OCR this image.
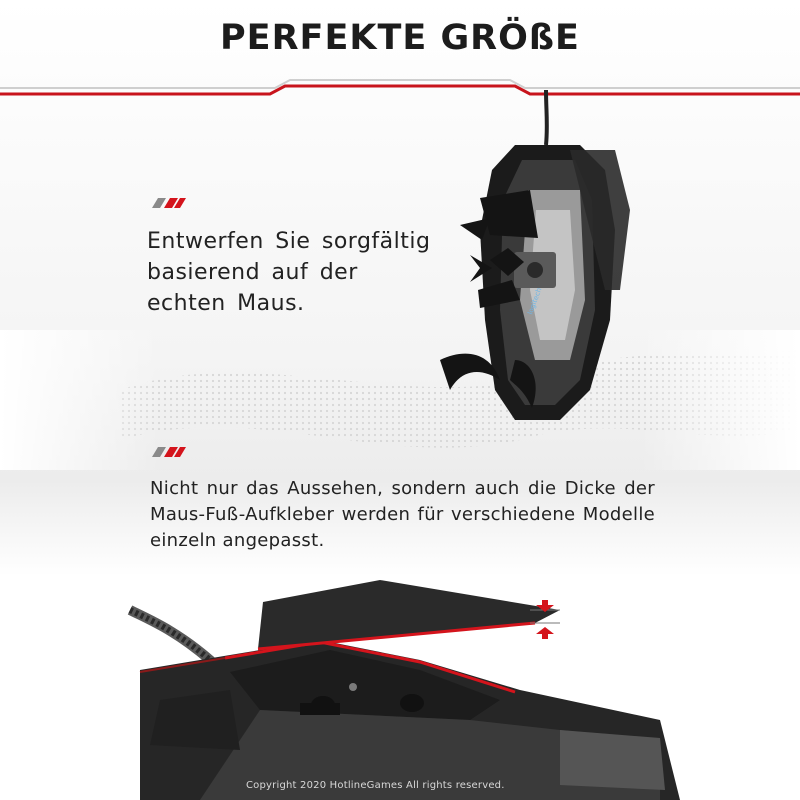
PERFEKTE GRÖßE
Entwerfen Sie sorgfältig basierend auf der echten Maus.
Nicht nur das Aussehen, sondern auch die Dicke der Maus-Fuß-Aufkleber werden für verschiedene Modelle einzeln angepasst.
logitech
Copyright 2020 HotlineGames All rights reserved.
